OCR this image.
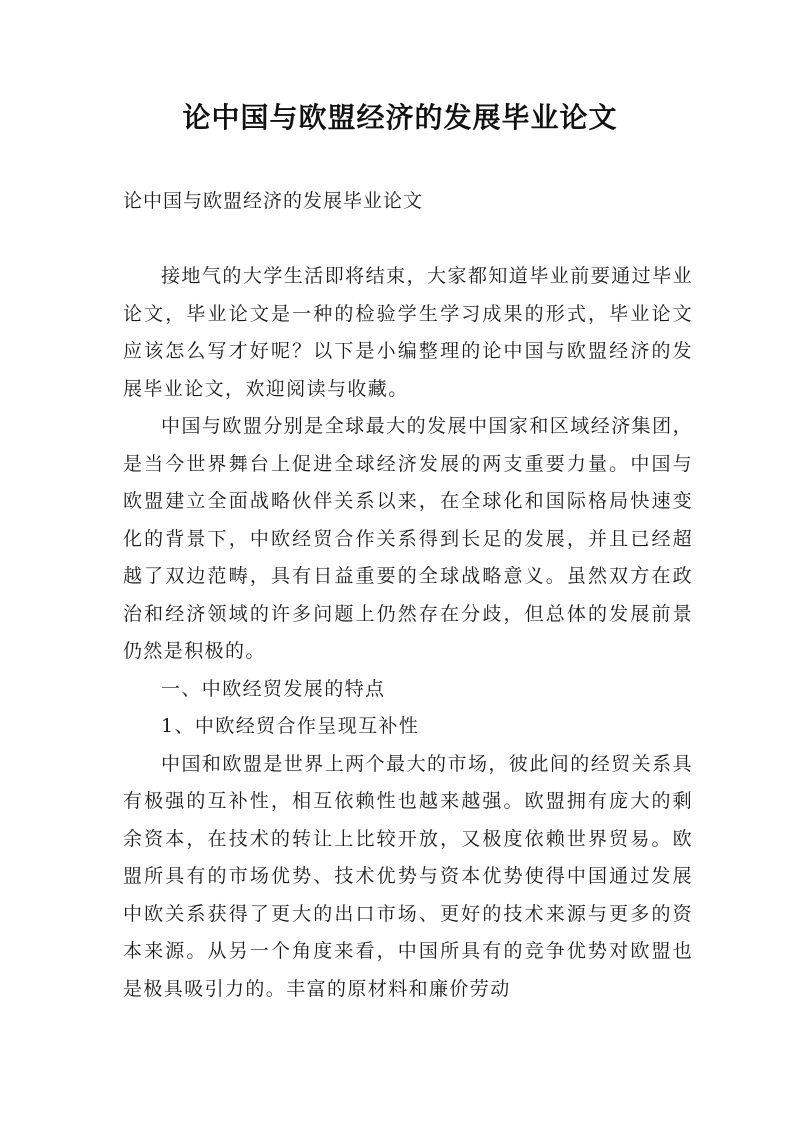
论中国与欧盟经济的发展毕业论文
论中国与欧盟经济的发展毕业论文

接地气的大学生活即将结束，大家都知道毕业前要通过毕业论文，毕业论文是一种的检验学生学习成果的形式，毕业论文应该怎么写才好呢？以下是小编整理的论中国与欧盟经济的发展毕业论文，欢迎阅读与收藏。

中国与欧盟分别是全球最大的发展中国家和区域经济集团，是当今世界舞台上促进全球经济发展的两支重要力量。中国与欧盟建立全面战略伙伴关系以来，在全球化和国际格局快速变化的背景下，中欧经贸合作关系得到长足的发展，并且已经超越了双边范畴，具有日益重要的全球战略意义。虽然双方在政治和经济领域的许多问题上仍然存在分歧，但总体的发展前景仍然是积极的。

一、中欧经贸发展的特点

1、中欧经贸合作呈现互补性

中国和欧盟是世界上两个最大的市场，彼此间的经贸关系具有极强的互补性，相互依赖性也越来越强。欧盟拥有庞大的剩余资本，在技术的转让上比较开放，又极度依赖世界贸易。欧盟所具有的市场优势、技术优势与资本优势使得中国通过发展中欧关系获得了更大的出口市场、更好的技术来源与更多的资本来源。从另一个角度来看，中国所具有的竞争优势对欧盟也是极具吸引力的。丰富的原材料和廉价劳动
